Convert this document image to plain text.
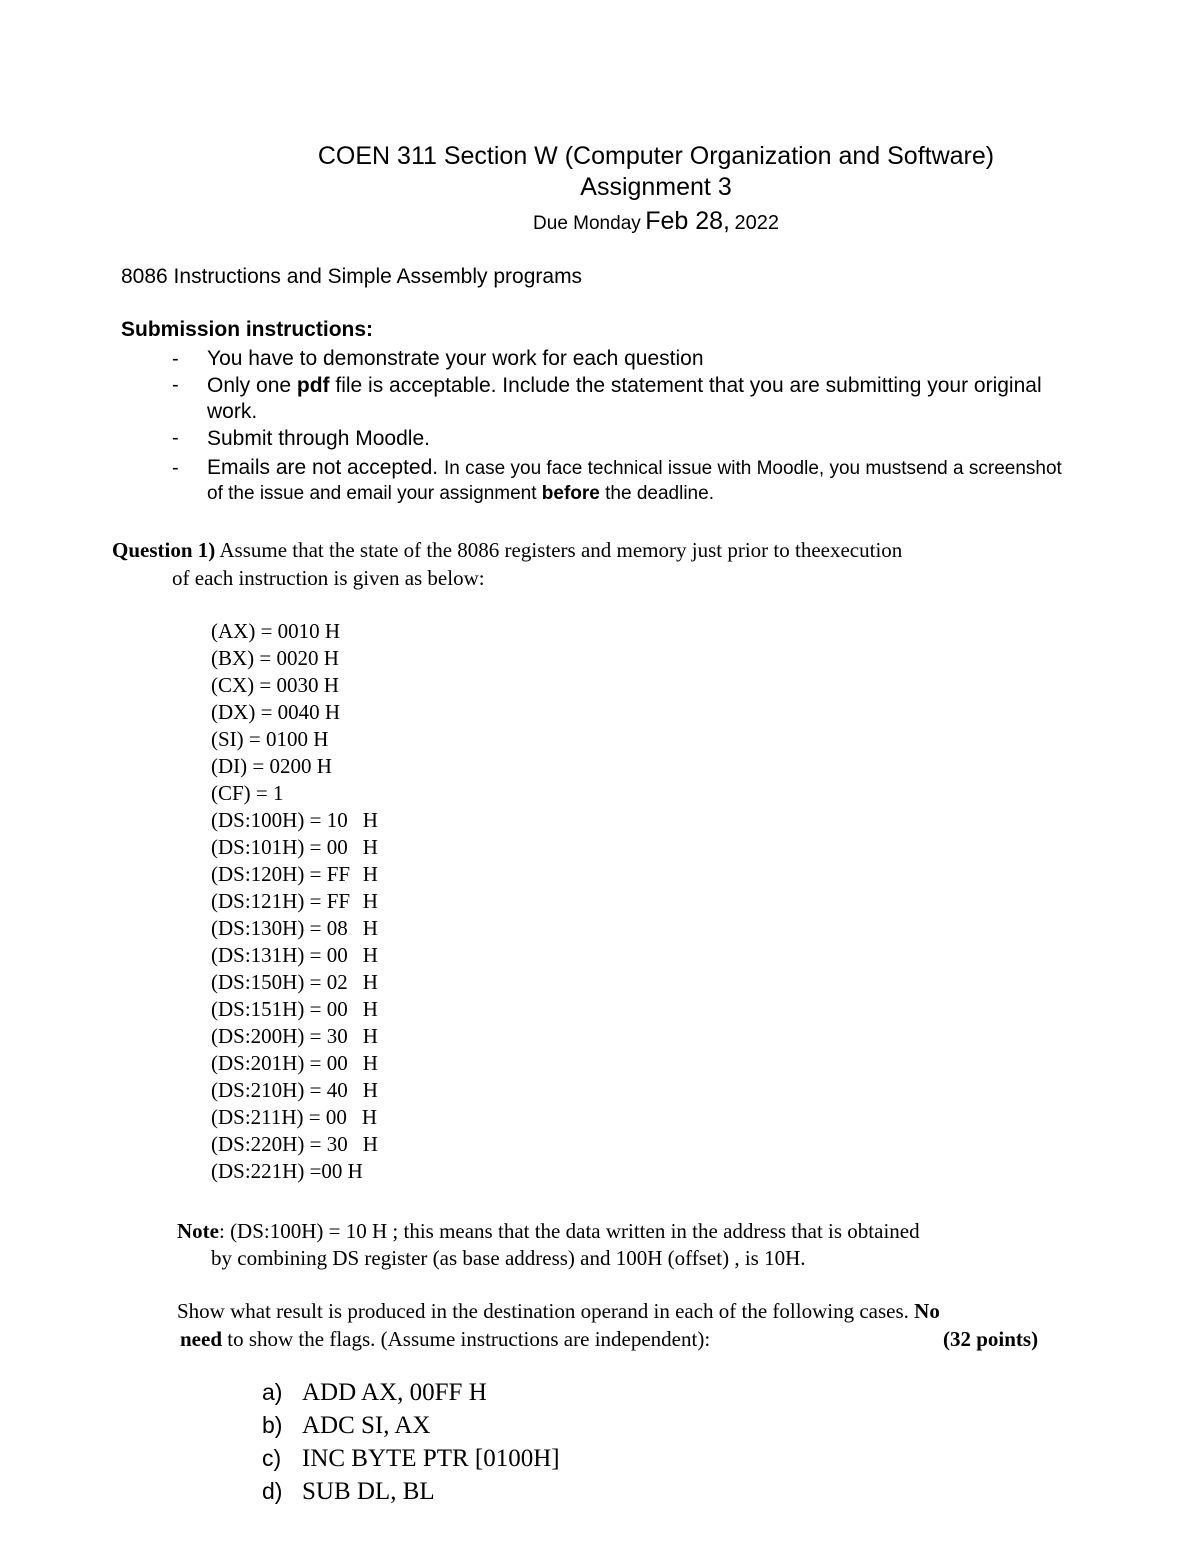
COEN 311 Section W (Computer Organization and Software)
Assignment 3
Due Monday Feb 28, 2022
8086 Instructions and Simple Assembly programs
Submission instructions:
- You have to demonstrate your work for each question
- Only one pdf file is acceptable. Include the statement that you are submitting your original
work.
- Submit through Moodle.
- Emails are not accepted. In case you face technical issue with Moodle, you mustsend a screenshot
of the issue and email your assignment before the deadline.
Question 1) Assume that the state of the 8086 registers and memory just prior to theexecution
of each instruction is given as below:
(AX) = 0010 H
(BX) = 0020 H
(CX) = 0030 H
(DX) = 0040 H
(SI) = 0100 H
(DI) = 0200 H
(CF) = 1
(DS:100H) = 10 H
(DS:101H) = 00 H
(DS:120H) = FF H
(DS:121H) = FF H
(DS:130H) = 08 H
(DS:131H) = 00 H
(DS:150H) = 02 H
(DS:151H) = 00 H
(DS:200H) = 30 H
(DS:201H) = 00 H
(DS:210H) = 40 H
(DS:211H) = 00 H
(DS:220H) = 30 H
(DS:221H) =00 H
Note: (DS:100H) = 10 H ; this means that the data written in the address that is obtained
by combining DS register (as base address) and 100H (offset) , is 10H.
Show what result is produced in the destination operand in each of the following cases. No
need to show the flags. (Assume instructions are independent):	(32 points)
a) ADD AX, 00FF H
b) ADC SI, AX
c) INC BYTE PTR [0100H]
d) SUB DL, BL
